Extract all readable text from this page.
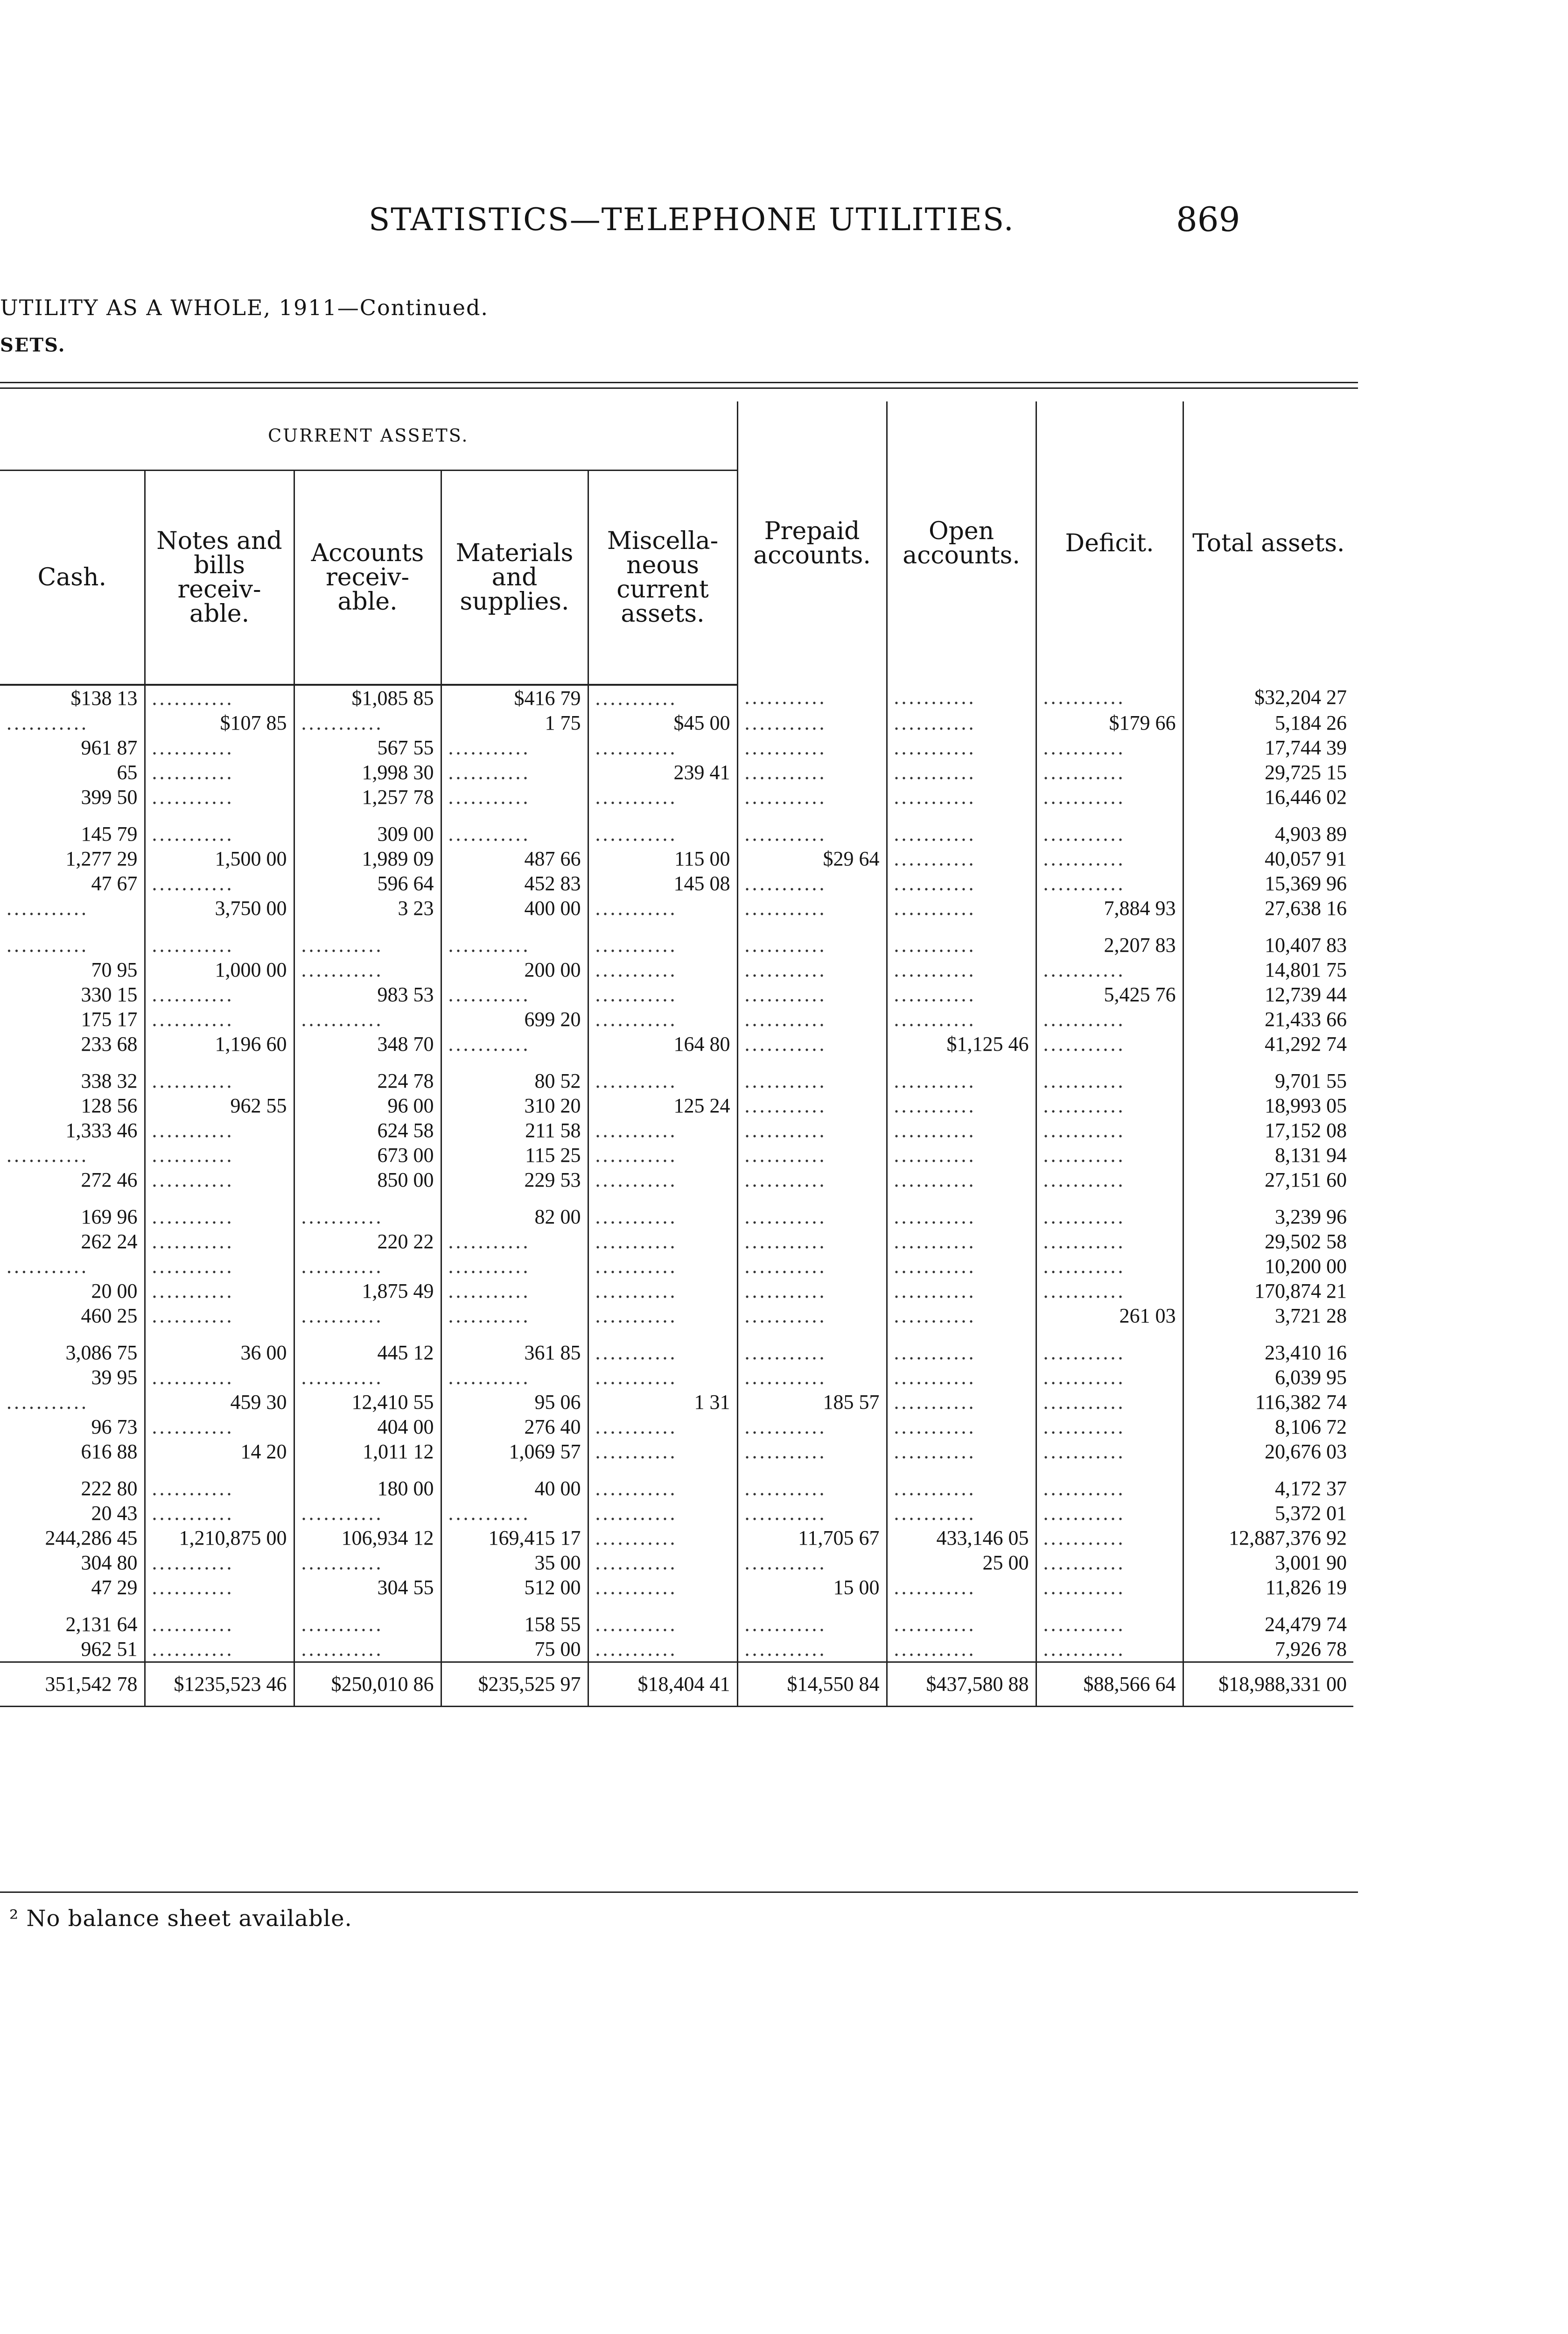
STATISTICS—TELEPHONE UTILITIES.	869
UTILITY AS A WHOLE, 1911—Continued.
SETS.
CURRENT ASSETS.					Prepaid accounts.	Open accounts.	Deficit.	Total assets.
Cash.	Notes and bills receiv- able.	Accounts receiv- able.	Materials and supplies.	Miscella- neous current assets.				
$138 13	...........	$1,085 85	$416 79	...........	...........	...........	...........	$32,204 27
...........	$107 85	...........	1 75	$45 00	...........	...........	$179 66	5,184 26
961 87	...........	567 55	...........	...........	...........	...........	...........	17,744 39
65	...........	1,998 30	...........	239 41	...........	...........	...........	29,725 15
399 50	...........	1,257 78	...........	...........	...........	...........	...........	16,446 02

145 79	...........	309 00	...........	...........	...........	...........	...........	4,903 89
1,277 29	1,500 00	1,989 09	487 66	115 00	$29 64	...........	...........	40,057 91
47 67	...........	596 64	452 83	145 08	...........	...........	...........	15,369 96
...........	3,750 00	3 23	400 00	...........	...........	...........	7,884 93	27,638 16

...........	...........	...........	...........	...........	...........	...........	2,207 83	10,407 83
70 95	1,000 00	...........	200 00	...........	...........	...........	...........	14,801 75
330 15	...........	983 53	...........	...........	...........	...........	5,425 76	12,739 44
175 17	...........	...........	699 20	...........	...........	...........	...........	21,433 66
233 68	1,196 60	348 70	...........	164 80	...........	$1,125 46	...........	41,292 74

338 32	...........	224 78	80 52	...........	...........	...........	...........	9,701 55
128 56	962 55	96 00	310 20	125 24	...........	...........	...........	18,993 05
1,333 46	...........	624 58	211 58	...........	...........	...........	...........	17,152 08
...........	...........	673 00	115 25	...........	...........	...........	...........	8,131 94
272 46	...........	850 00	229 53	...........	...........	...........	...........	27,151 60

169 96	...........	...........	82 00	...........	...........	...........	...........	3,239 96
262 24	...........	220 22	...........	...........	...........	...........	...........	29,502 58
...........	...........	...........	...........	...........	...........	...........	...........	10,200 00
20 00	...........	1,875 49	...........	...........	...........	...........	...........	170,874 21
460 25	...........	...........	...........	...........	...........	...........	261 03	3,721 28

3,086 75	36 00	445 12	361 85	...........	...........	...........	...........	23,410 16
39 95	...........	...........	...........	...........	...........	...........	...........	6,039 95
...........	459 30	12,410 55	95 06	1 31	185 57	...........	...........	116,382 74
96 73	...........	404 00	276 40	...........	...........	...........	...........	8,106 72
616 88	14 20	1,011 12	1,069 57	...........	...........	...........	...........	20,676 03

222 80	...........	180 00	40 00	...........	...........	...........	...........	4,172 37
20 43	...........	...........	...........	...........	...........	...........	...........	5,372 01
244,286 45	1,210,875 00	106,934 12	169,415 17	...........	11,705 67	433,146 05	...........	12,887,376 92
304 80	...........	...........	35 00	...........	...........	25 00	...........	3,001 90
47 29	...........	304 55	512 00	...........	15 00	...........	...........	11,826 19

2,131 64	...........	...........	158 55	...........	...........	...........	...........	24,479 74
962 51	...........	...........	75 00	...........	...........	...........	...........	7,926 78
351,542 78	$1235,523 46	$250,010 86	$235,525 97	$18,404 41	$14,550 84	$437,580 88	$88,566 64	$18,988,331 00
² No balance sheet available.
